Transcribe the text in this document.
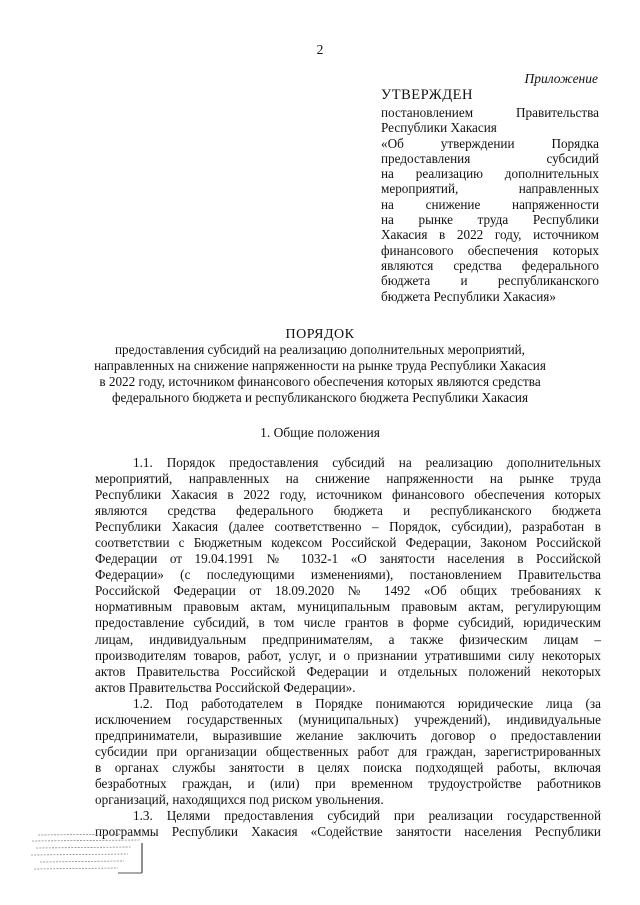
2
Приложение
УТВЕРЖДЕН
постановлением Правительства
Республики Хакасия
«Об утверждении Порядка
предоставления субсидий
на реализацию дополнительных
мероприятий, направленных
на снижение напряженности
на рынке труда Республики
Хакасия в 2022 году, источником
финансового обеспечения которых
являются средства федерального
бюджета и республиканского
бюджета Республики Хакасия»
ПОРЯДОК
предоставления субсидий на реализацию дополнительных мероприятий,
направленных на снижение напряженности на рынке труда Республики Хакасия
в 2022 году, источником финансового обеспечения которых являются средства
федерального бюджета и республиканского бюджета Республики Хакасия
1. Общие положения
1.1. Порядок предоставления субсидий на реализацию дополнительных
мероприятий, направленных на снижение напряженности на рынке труда
Республики Хакасия в 2022 году, источником финансового обеспечения которых
являются средства федерального бюджета и республиканского бюджета
Республики Хакасия (далее соответственно – Порядок, субсидии), разработан в
соответствии с Бюджетным кодексом Российской Федерации, Законом Российской
Федерации от 19.04.1991 № 1032-1 «О занятости населения в Российской
Федерации» (с последующими изменениями), постановлением Правительства
Российской Федерации от 18.09.2020 № 1492 «Об общих требованиях к
нормативным правовым актам, муниципальным правовым актам, регулирующим
предоставление субсидий, в том числе грантов в форме субсидий, юридическим
лицам, индивидуальным предпринимателям, а также физическим лицам –
производителям товаров, работ, услуг, и о признании утратившими силу некоторых
актов Правительства Российской Федерации и отдельных положений некоторых
актов Правительства Российской Федерации».
1.2. Под работодателем в Порядке понимаются юридические лица (за
исключением государственных (муниципальных) учреждений), индивидуальные
предприниматели, выразившие желание заключить договор о предоставлении
субсидии при организации общественных работ для граждан, зарегистрированных
в органах службы занятости в целях поиска подходящей работы, включая
безработных граждан, и (или) при временном трудоустройстве работников
организаций, находящихся под риском увольнения.
1.3. Целями предоставления субсидий при реализации государственной
программы Республики Хакасия «Содействие занятости населения Республики
